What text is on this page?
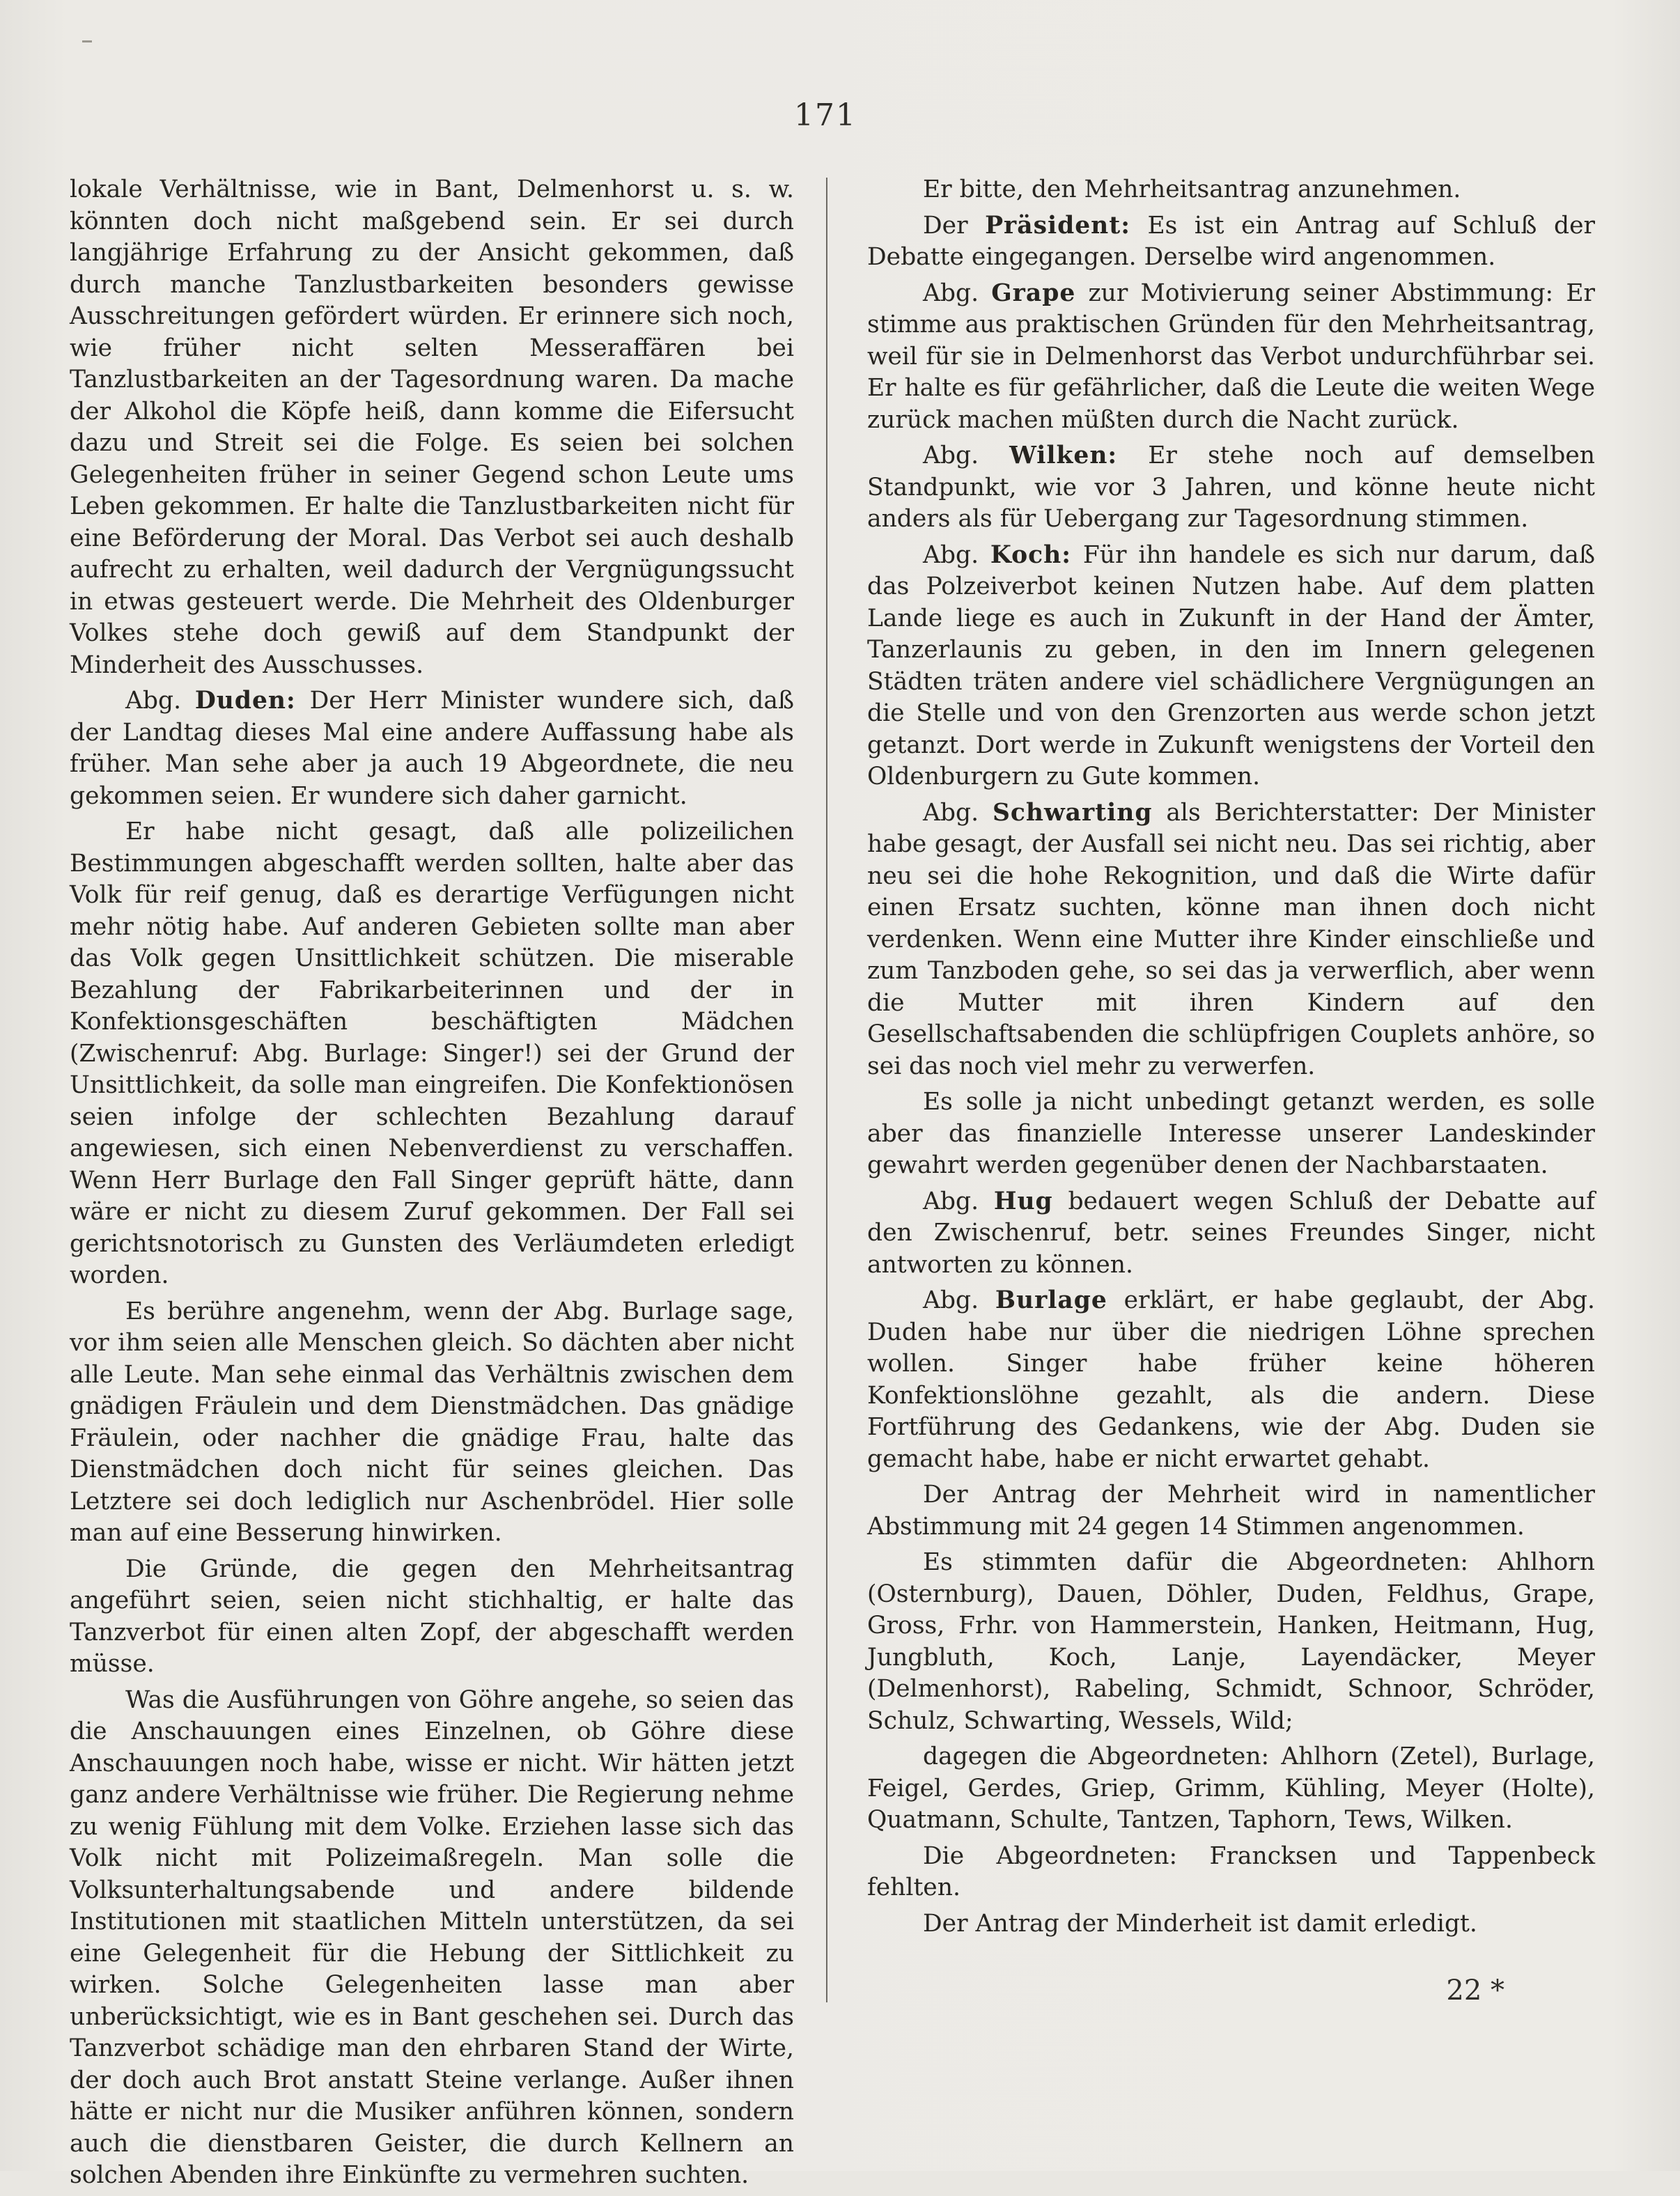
171

lokale Verhältnisse, wie in Bant, Delmenhorst u. s. w. könnten doch nicht maßgebend sein. Er sei durch langjährige Erfahrung zu der Ansicht gekommen, daß durch manche Tanzlustbarkeiten besonders gewisse Ausschreitungen gefördert würden. Er erinnere sich noch, wie früher nicht selten Messeraffären bei Tanzlustbarkeiten an der Tagesordnung waren. Da mache der Alkohol die Köpfe heiß, dann komme die Eifersucht dazu und Streit sei die Folge. Es seien bei solchen Gelegenheiten früher in seiner Gegend schon Leute ums Leben gekommen. Er halte die Tanzlustbarkeiten nicht für eine Beförderung der Moral. Das Verbot sei auch deshalb aufrecht zu erhalten, weil dadurch der Vergnügungssucht in etwas gesteuert werde. Die Mehrheit des Oldenburger Volkes stehe doch gewiß auf dem Standpunkt der Minderheit des Ausschusses.

Abg. Duden: Der Herr Minister wundere sich, daß der Landtag dieses Mal eine andere Auffassung habe als früher. Man sehe aber ja auch 19 Abgeordnete, die neu gekommen seien. Er wundere sich daher garnicht.

Er habe nicht gesagt, daß alle polizeilichen Bestimmungen abgeschafft werden sollten, halte aber das Volk für reif genug, daß es derartige Verfügungen nicht mehr nötig habe. Auf anderen Gebieten sollte man aber das Volk gegen Unsittlichkeit schützen. Die miserable Bezahlung der Fabrikarbeiterinnen und der in Konfektionsgeschäften beschäftigten Mädchen (Zwischenruf: Abg. Burlage: Singer!) sei der Grund der Unsittlichkeit, da solle man eingreifen. Die Konfektionösen seien infolge der schlechten Bezahlung darauf angewiesen, sich einen Nebenverdienst zu verschaffen. Wenn Herr Burlage den Fall Singer geprüft hätte, dann wäre er nicht zu diesem Zuruf gekommen. Der Fall sei gerichtsnotorisch zu Gunsten des Verläumdeten erledigt worden.

Es berühre angenehm, wenn der Abg. Burlage sage, vor ihm seien alle Menschen gleich. So dächten aber nicht alle Leute. Man sehe einmal das Verhältnis zwischen dem gnädigen Fräulein und dem Dienstmädchen. Das gnädige Fräulein, oder nachher die gnädige Frau, halte das Dienstmädchen doch nicht für seines gleichen. Das Letztere sei doch lediglich nur Aschenbrödel. Hier solle man auf eine Besserung hinwirken.

Die Gründe, die gegen den Mehrheitsantrag angeführt seien, seien nicht stichhaltig, er halte das Tanzverbot für einen alten Zopf, der abgeschafft werden müsse.

Was die Ausführungen von Göhre angehe, so seien das die Anschauungen eines Einzelnen, ob Göhre diese Anschauungen noch habe, wisse er nicht. Wir hätten jetzt ganz andere Verhältnisse wie früher. Die Regierung nehme zu wenig Fühlung mit dem Volke. Erziehen lasse sich das Volk nicht mit Polizeimaßregeln. Man solle die Volksunterhaltungsabende und andere bildende Institutionen mit staatlichen Mitteln unterstützen, da sei eine Gelegenheit für die Hebung der Sittlichkeit zu wirken. Solche Gelegenheiten lasse man aber unberücksichtigt, wie es in Bant geschehen sei. Durch das Tanzverbot schädige man den ehrbaren Stand der Wirte, der doch auch Brot anstatt Steine verlange. Außer ihnen hätte er nicht nur die Musiker anführen können, sondern auch die dienstbaren Geister, die durch Kellnern an solchen Abenden ihre Einkünfte zu vermehren suchten.

Er bitte, den Mehrheitsantrag anzunehmen.

Der Präsident: Es ist ein Antrag auf Schluß der Debatte eingegangen. Derselbe wird angenommen.

Abg. Grape zur Motivierung seiner Abstimmung: Er stimme aus praktischen Gründen für den Mehrheitsantrag, weil für sie in Delmenhorst das Verbot undurchführbar sei. Er halte es für gefährlicher, daß die Leute die weiten Wege zurück machen müßten durch die Nacht zurück.

Abg. Wilken: Er stehe noch auf demselben Standpunkt, wie vor 3 Jahren, und könne heute nicht anders als für Uebergang zur Tagesordnung stimmen.

Abg. Koch: Für ihn handele es sich nur darum, daß das Polzeiverbot keinen Nutzen habe. Auf dem platten Lande liege es auch in Zukunft in der Hand der Ämter, Tanzerlaunis zu geben, in den im Innern gelegenen Städten träten andere viel schädlichere Vergnügungen an die Stelle und von den Grenzorten aus werde schon jetzt getanzt. Dort werde in Zukunft wenigstens der Vorteil den Oldenburgern zu Gute kommen.

Abg. Schwarting als Berichterstatter: Der Minister habe gesagt, der Ausfall sei nicht neu. Das sei richtig, aber neu sei die hohe Rekognition, und daß die Wirte dafür einen Ersatz suchten, könne man ihnen doch nicht verdenken. Wenn eine Mutter ihre Kinder einschließe und zum Tanzboden gehe, so sei das ja verwerflich, aber wenn die Mutter mit ihren Kindern auf den Gesellschaftsabenden die schlüpfrigen Couplets anhöre, so sei das noch viel mehr zu verwerfen.

Es solle ja nicht unbedingt getanzt werden, es solle aber das finanzielle Interesse unserer Landeskinder gewahrt werden gegenüber denen der Nachbarstaaten.

Abg. Hug bedauert wegen Schluß der Debatte auf den Zwischenruf, betr. seines Freundes Singer, nicht antworten zu können.

Abg. Burlage erklärt, er habe geglaubt, der Abg. Duden habe nur über die niedrigen Löhne sprechen wollen. Singer habe früher keine höheren Konfektionslöhne gezahlt, als die andern. Diese Fortführung des Gedankens, wie der Abg. Duden sie gemacht habe, habe er nicht erwartet gehabt.

Der Antrag der Mehrheit wird in namentlicher Abstimmung mit 24 gegen 14 Stimmen angenommen.

Es stimmten dafür die Abgeordneten: Ahlhorn (Osternburg), Dauen, Döhler, Duden, Feldhus, Grape, Gross, Frhr. von Hammerstein, Hanken, Heitmann, Hug, Jungbluth, Koch, Lanje, Layendäcker, Meyer (Delmenhorst), Rabeling, Schmidt, Schnoor, Schröder, Schulz, Schwarting, Wessels, Wild;

dagegen die Abgeordneten: Ahlhorn (Zetel), Burlage, Feigel, Gerdes, Griep, Grimm, Kühling, Meyer (Holte), Quatmann, Schulte, Tantzen, Taphorn, Tews, Wilken.

Die Abgeordneten: Francksen und Tappenbeck fehlten.

Der Antrag der Minderheit ist damit erledigt.

22 *
